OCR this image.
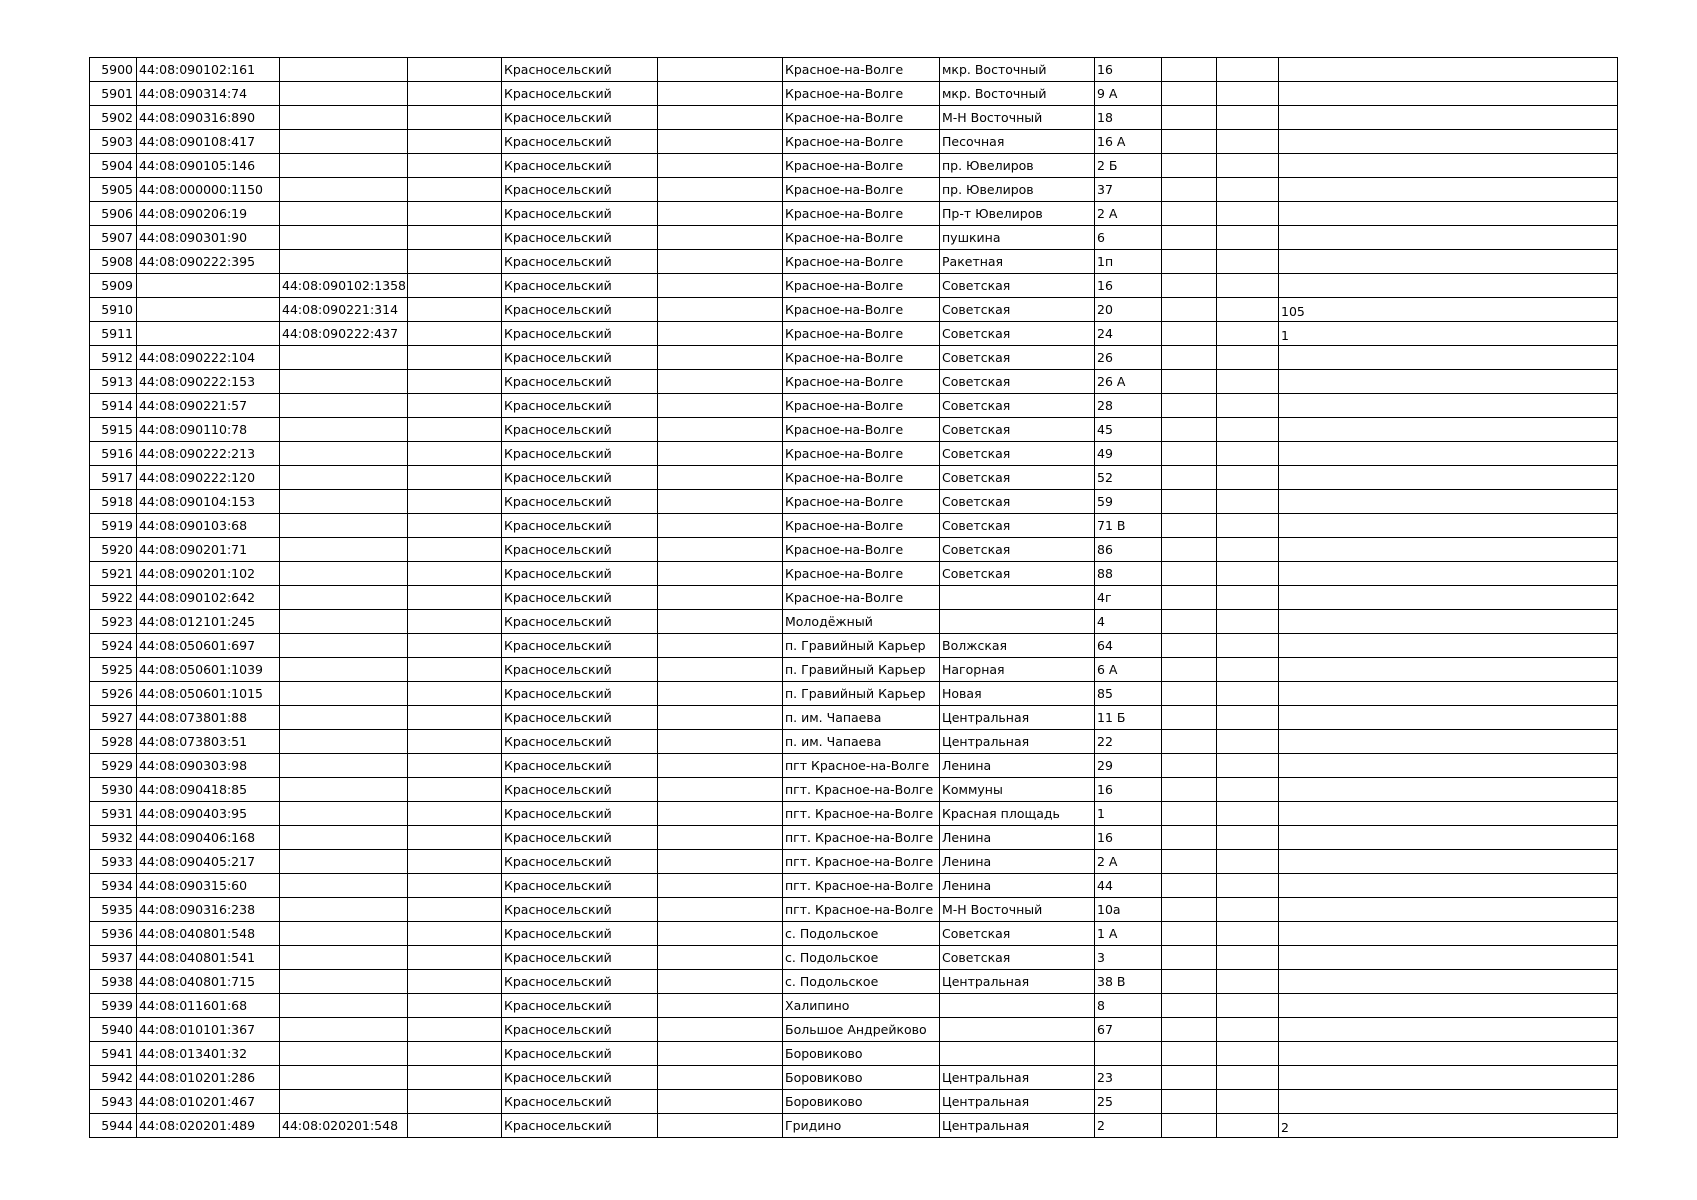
5900	44:08:090102:161			Красносельский		Красное-на-Волге	мкр. Восточный	16			
5901	44:08:090314:74			Красносельский		Красное-на-Волге	мкр. Восточный	9 А			
5902	44:08:090316:890			Красносельский		Красное-на-Волге	М-Н Восточный	18			
5903	44:08:090108:417			Красносельский		Красное-на-Волге	Песочная	16 А			
5904	44:08:090105:146			Красносельский		Красное-на-Волге	пр. Ювелиров	2 Б			
5905	44:08:000000:1150			Красносельский		Красное-на-Волге	пр. Ювелиров	37			
5906	44:08:090206:19			Красносельский		Красное-на-Волге	Пр-т Ювелиров	2 А			
5907	44:08:090301:90			Красносельский		Красное-на-Волге	пушкина	6			
5908	44:08:090222:395			Красносельский		Красное-на-Волге	Ракетная	1п			
5909		44:08:090102:1358		Красносельский		Красное-на-Волге	Советская	16			
5910		44:08:090221:314		Красносельский		Красное-на-Волге	Советская	20			105
5911		44:08:090222:437		Красносельский		Красное-на-Волге	Советская	24			1
5912	44:08:090222:104			Красносельский		Красное-на-Волге	Советская	26			
5913	44:08:090222:153			Красносельский		Красное-на-Волге	Советская	26 А			
5914	44:08:090221:57			Красносельский		Красное-на-Волге	Советская	28			
5915	44:08:090110:78			Красносельский		Красное-на-Волге	Советская	45			
5916	44:08:090222:213			Красносельский		Красное-на-Волге	Советская	49			
5917	44:08:090222:120			Красносельский		Красное-на-Волге	Советская	52			
5918	44:08:090104:153			Красносельский		Красное-на-Волге	Советская	59			
5919	44:08:090103:68			Красносельский		Красное-на-Волге	Советская	71 В			
5920	44:08:090201:71			Красносельский		Красное-на-Волге	Советская	86			
5921	44:08:090201:102			Красносельский		Красное-на-Волге	Советская	88			
5922	44:08:090102:642			Красносельский		Красное-на-Волге		4г			
5923	44:08:012101:245			Красносельский		Молодёжный		4			
5924	44:08:050601:697			Красносельский		п. Гравийный Карьер	Волжская	64			
5925	44:08:050601:1039			Красносельский		п. Гравийный Карьер	Нагорная	6 А			
5926	44:08:050601:1015			Красносельский		п. Гравийный Карьер	Новая	85			
5927	44:08:073801:88			Красносельский		п. им. Чапаева	Центральная	11 Б			
5928	44:08:073803:51			Красносельский		п. им. Чапаева	Центральная	22			
5929	44:08:090303:98			Красносельский		пгт Красное-на-Волге	Ленина	29			
5930	44:08:090418:85			Красносельский		пгт. Красное-на-Волге	Коммуны	16			
5931	44:08:090403:95			Красносельский		пгт. Красное-на-Волге	Красная площадь	1			
5932	44:08:090406:168			Красносельский		пгт. Красное-на-Волге	Ленина	16			
5933	44:08:090405:217			Красносельский		пгт. Красное-на-Волге	Ленина	2 А			
5934	44:08:090315:60			Красносельский		пгт. Красное-на-Волге	Ленина	44			
5935	44:08:090316:238			Красносельский		пгт. Красное-на-Волге	М-Н Восточный	10а			
5936	44:08:040801:548			Красносельский		с. Подольское	Советская	1 А			
5937	44:08:040801:541			Красносельский		с. Подольское	Советская	3			
5938	44:08:040801:715			Красносельский		с. Подольское	Центральная	38 В			
5939	44:08:011601:68			Красносельский		Халипино		8			
5940	44:08:010101:367			Красносельский		Большое Андрейково		67			
5941	44:08:013401:32			Красносельский		Боровиково					
5942	44:08:010201:286			Красносельский		Боровиково	Центральная	23			
5943	44:08:010201:467			Красносельский		Боровиково	Центральная	25			
5944	44:08:020201:489	44:08:020201:548		Красносельский		Гридино	Центральная	2			2
